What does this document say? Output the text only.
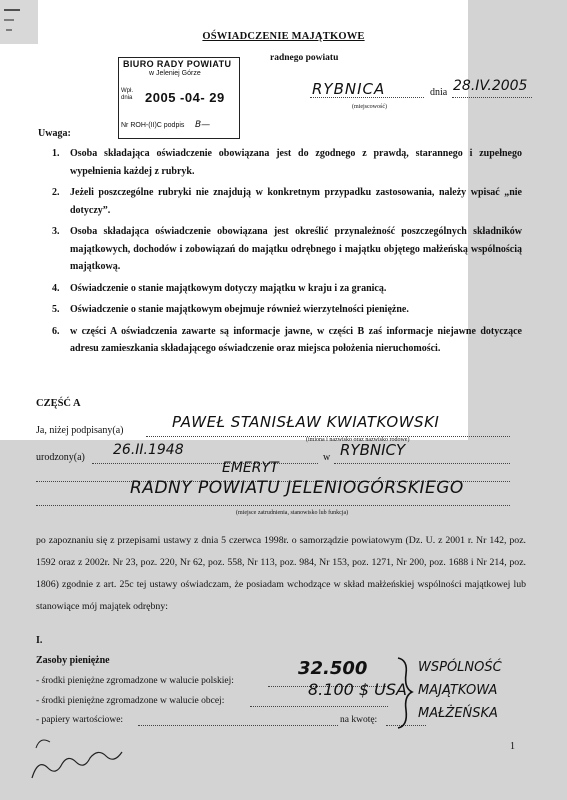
OŚWIADCZENIE MAJĄTKOWE
radnego powiatu
BIURO RADY POWIATU
w Jeleniej Górze
Wpł. dnia 2005 -04- 29
Nr ROH-(II)C podpis B—
RYBNICA	dnia 28.IV.2005
(miejscowość)
Uwaga:
1.	Osoba składająca oświadczenie obowiązana jest do zgodnego z prawdą, starannego i zupełnego wypełnienia każdej z rubryk.
2.	Jeżeli poszczególne rubryki nie znajdują w konkretnym przypadku zastosowania, należy wpisać „nie dotyczy”.
3.	Osoba składająca oświadczenie obowiązana jest określić przynależność poszczególnych składników majątkowych, dochodów i zobowiązań do majątku odrębnego i majątku objętego małżeńską wspólnością majątkową.
4.	Oświadczenie o stanie majątkowym dotyczy majątku w kraju i za granicą.
5.	Oświadczenie o stanie majątkowym obejmuje również wierzytelności pieniężne.
6.	w części A oświadczenia zawarte są informacje jawne, w części B zaś informacje niejawne dotyczące adresu zamieszkania składającego oświadczenie oraz miejsca położenia nieruchomości.
CZĘŚĆ A
Ja, niżej podpisany(a)	PAWEŁ STANISŁAW KWIATKOWSKI
(imiona i nazwisko oraz nazwisko rodowe)
urodzony(a) 26.II.1948	w RYBNICY
EMERYT
RADNY POWIATU JELENIOGÓRSKIEGO
(miejsce zatrudnienia, stanowisko lub funkcja)
po zapoznaniu się z przepisami ustawy z dnia 5 czerwca 1998r. o samorządzie powiatowym (Dz. U. z 2001 r. Nr 142, poz. 1592 oraz z 2002r. Nr 23, poz. 220, Nr 62, poz. 558, Nr 113, poz. 984, Nr 153, poz. 1271, Nr 200, poz. 1688 i Nr 214, poz. 1806) zgodnie z art. 25c tej ustawy oświadczam, że posiadam wchodzące w skład małżeńskiej wspólności majątkowej lub stanowiące mój majątek odrębny:
I.
Zasoby pieniężne
- środki pieniężne zgromadzone w walucie polskiej:
32.500
- środki pieniężne zgromadzone w walucie obcej:
8.100 $ USA
- papiery wartościowe:	na kwotę:
WSPÓLNOŚĆ
MAJĄTKOWA
MAŁŻEŃSKA
1
